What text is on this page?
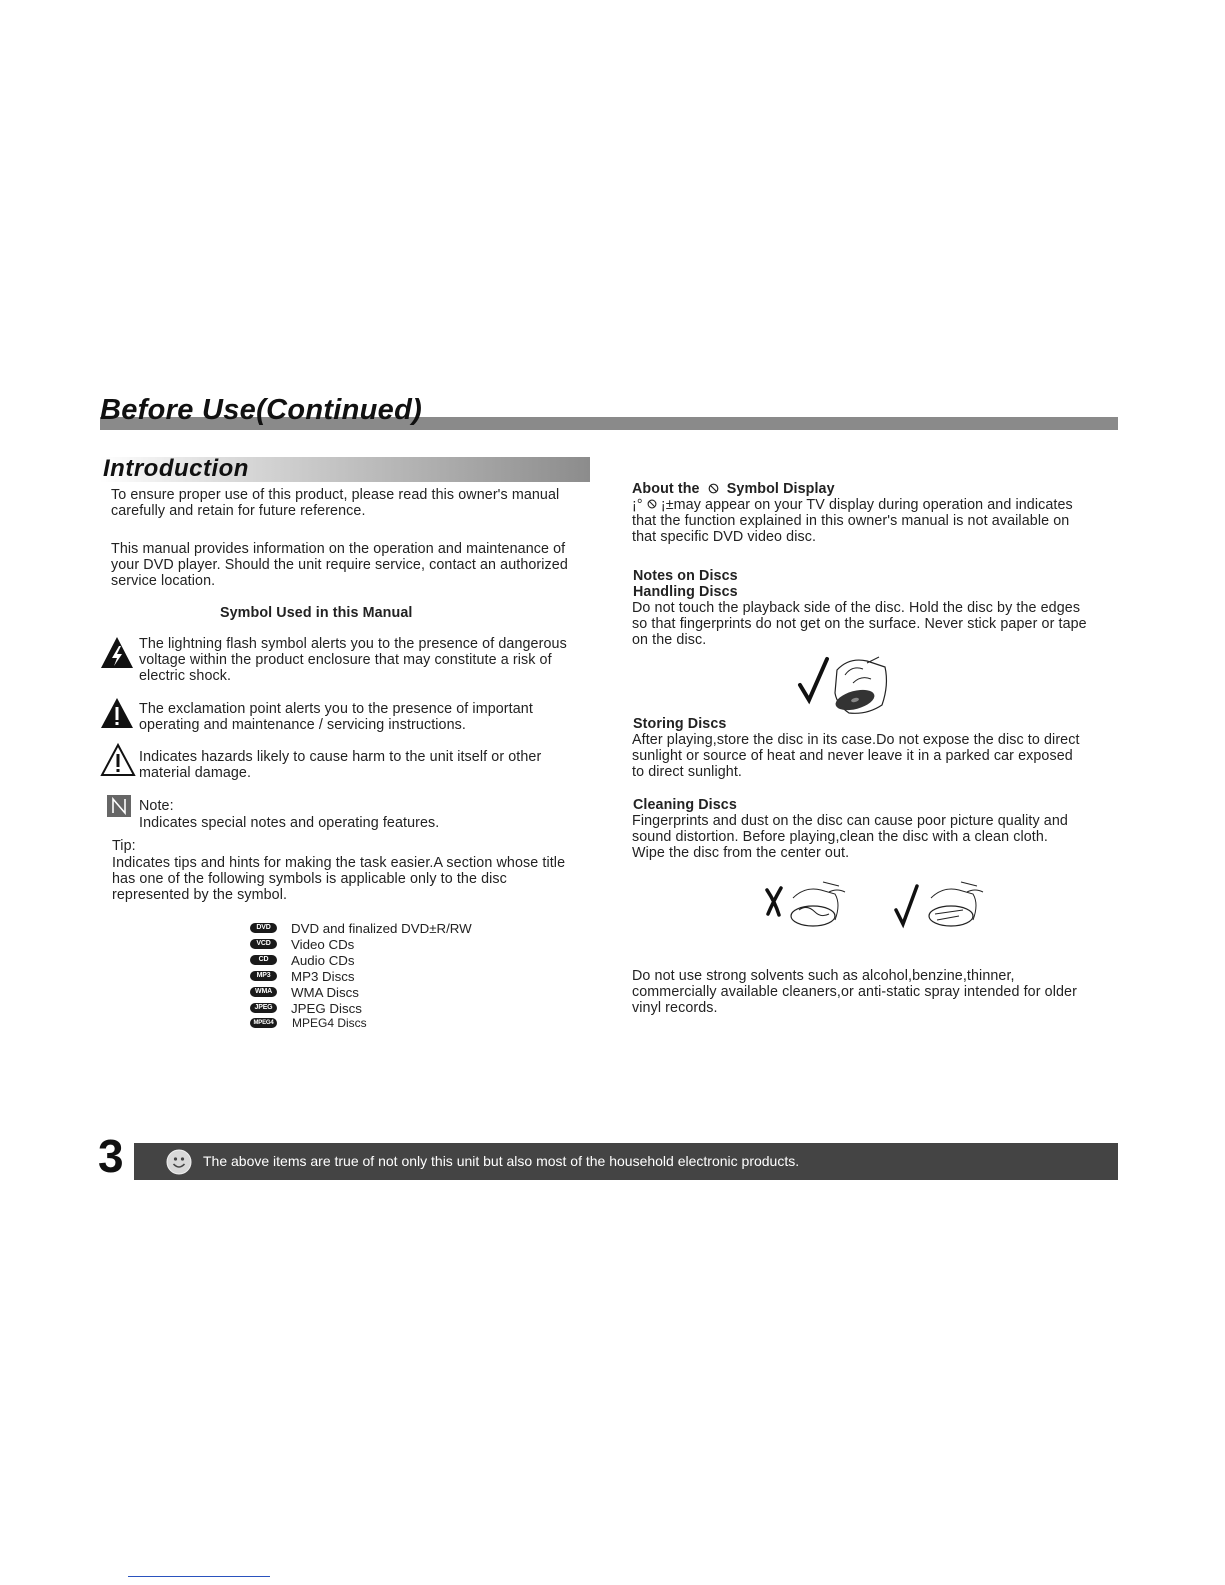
Before Use(Continued)
Introduction
To ensure proper use of this product, please read this owner's manual
carefully and retain for future reference.
This manual provides information on the operation and maintenance of
your DVD player. Should the unit require service, contact an authorized
service location.
Symbol Used in this Manual
The lightning flash symbol alerts you to the presence of dangerous
voltage within the product enclosure that may constitute a risk of
electric shock.
The exclamation point alerts you to the presence of important
operating and maintenance / servicing instructions.
Indicates hazards likely to cause harm to the unit itself or other
material damage.
Note:
Indicates special notes and operating features.
Tip:
Indicates tips and hints for making the task easier.A section whose title
has one of the following symbols is applicable only to the disc
represented by the symbol.
DVD	DVD and finalized DVD±R/RW
VCD	Video CDs
CD	Audio CDs
MP3	MP3 Discs
WMA	WMA Discs
JPEG	JPEG Discs
MPEG4 MPEG4 Discs
About the Symbol Display
¡° ¡±may appear on your TV display during operation and indicates
that the function explained in this owner's manual is not available on
that specific DVD video disc.
Notes on Discs
Handling Discs
Do not touch the playback side of the disc. Hold the disc by the edges
so that fingerprints do not get on the surface. Never stick paper or tape
on the disc.
Storing Discs
After playing,store the disc in its case.Do not expose the disc to direct
sunlight or source of heat and never leave it in a parked car exposed
to direct sunlight.
Cleaning Discs
Fingerprints and dust on the disc can cause poor picture quality and
sound distortion. Before playing,clean the disc with a clean cloth.
Wipe the disc from the center out.
Do not use strong solvents such as alcohol,benzine,thinner,
commercially available cleaners,or anti-static spray intended for older
vinyl records.
3	The above items are true of not only this unit but also most of the household electronic products.
